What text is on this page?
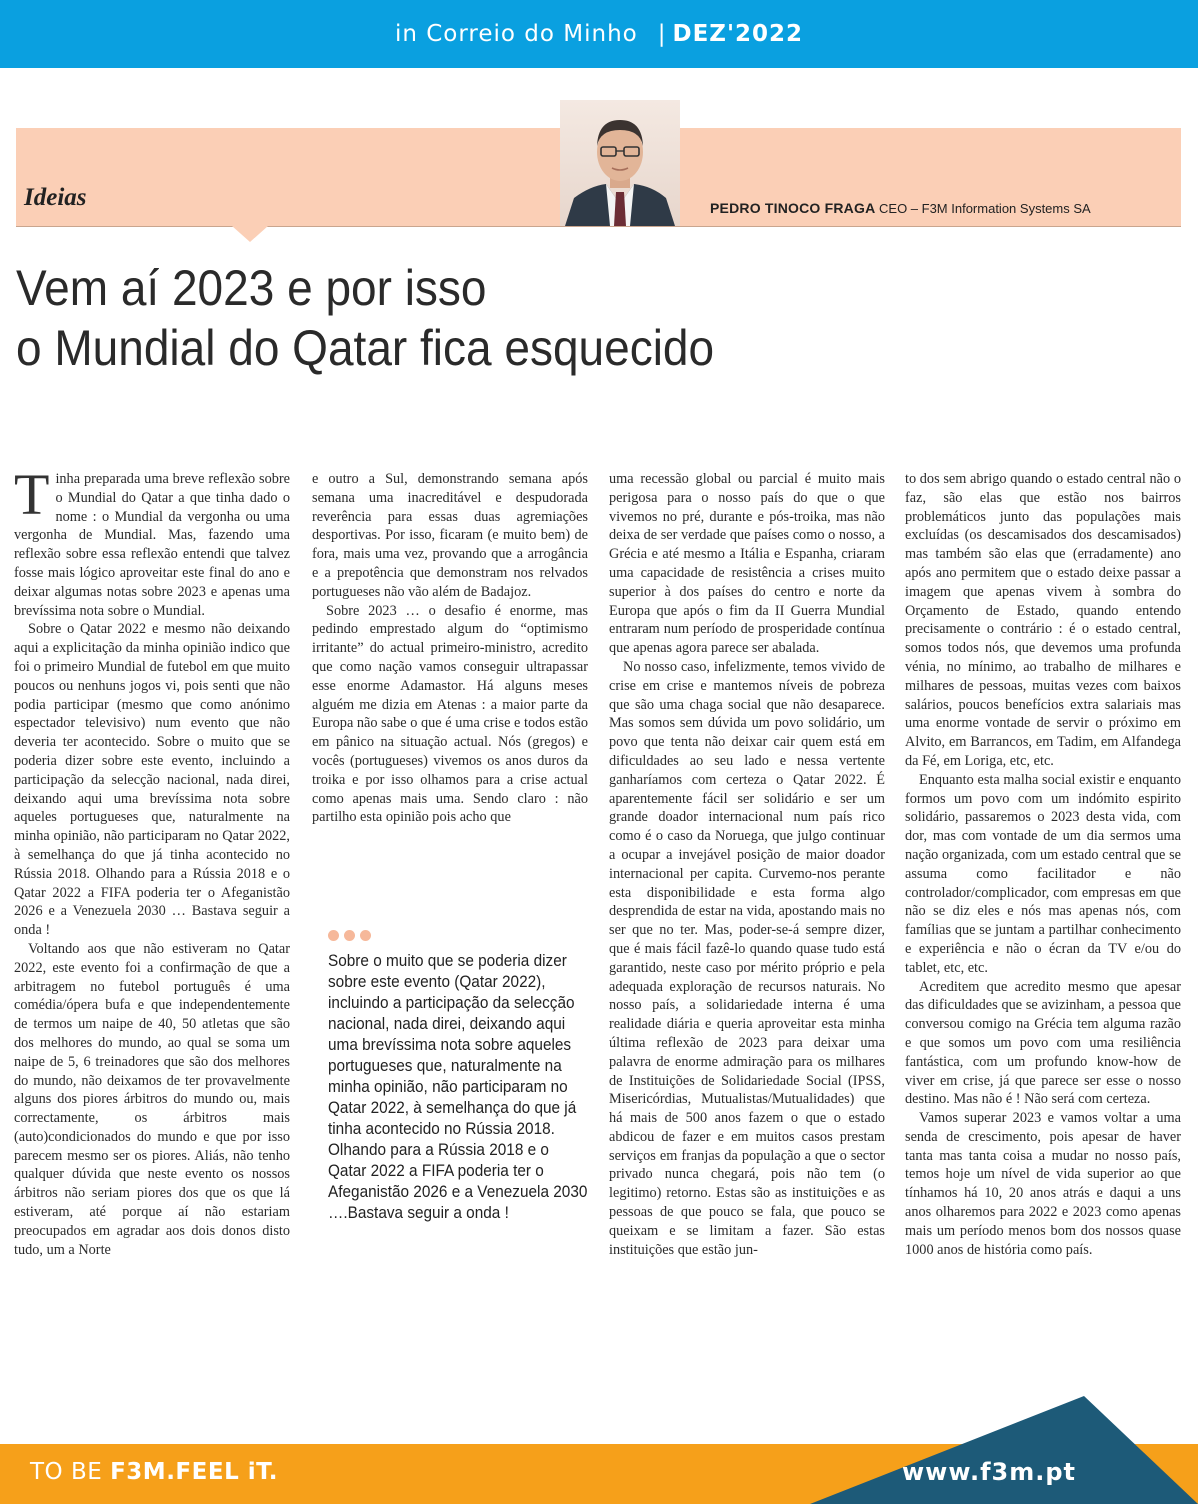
in Correio do Minho | DEZ'2022
Ideias	PEDRO TINOCO FRAGA CEO – F3M Information Systems SA
Vem aí 2023 e por isso
o Mundial do Qatar fica esquecido

Tinha preparada uma breve reflexão sobre o Mundial do Qatar a que tinha dado o nome : o Mundial da vergonha ou uma vergonha de Mundial. Mas, fazendo uma reflexão sobre essa reflexão entendi que talvez fosse mais lógico aproveitar este final do ano e deixar algumas notas sobre 2023 e apenas uma brevíssima nota sobre o Mundial.

Sobre o Qatar 2022 e mesmo não deixando aqui a explicitação da minha opinião indico que foi o primeiro Mundial de futebol em que muito poucos ou nenhuns jogos vi, pois senti que não podia participar (mesmo que como anónimo espectador televisivo) num evento que não deveria ter acontecido. Sobre o muito que se poderia dizer sobre este evento, incluindo a participação da selecção nacional, nada direi, deixando aqui uma brevíssima nota sobre aqueles portugueses que, naturalmente na minha opinião, não participaram no Qatar 2022, à semelhança do que já tinha acontecido no Rússia 2018. Olhando para a Rússia 2018 e o Qatar 2022 a FIFA poderia ter o Afeganistão 2026 e a Venezuela 2030 … Bastava seguir a onda !

Voltando aos que não estiveram no Qatar 2022, este evento foi a confirmação de que a arbitragem no futebol português é uma comédia/ópera bufa e que independentemente de termos um naipe de 40, 50 atletas que são dos melhores do mundo, ao qual se soma um naipe de 5, 6 treinadores que são dos melhores do mundo, não deixamos de ter provavelmente alguns dos piores árbitros do mundo ou, mais correctamente, os árbitros mais (auto)condicionados do mundo e que por isso parecem mesmo ser os piores. Aliás, não tenho qualquer dúvida que neste evento os nossos árbitros não seriam piores dos que os que lá estiveram, até porque aí não estariam preocupados em agradar aos dois donos disto tudo, um a Norte

e outro a Sul, demonstrando semana após semana uma inacreditável e despudorada reverência para essas duas agremiações desportivas. Por isso, ficaram (e muito bem) de fora, mais uma vez, provando que a arrogância e a prepotência que demonstram nos relvados portugueses não vão além de Badajoz.

Sobre 2023 … o desafio é enorme, mas pedindo emprestado algum do “optimismo irritante” do actual primeiro-ministro, acredito que como nação vamos conseguir ultrapassar esse enorme Adamastor. Há alguns meses alguém me dizia em Atenas : a maior parte da Europa não sabe o que é uma crise e todos estão em pânico na situação actual. Nós (gregos) e vocês (portugueses) vivemos os anos duros da troika e por isso olhamos para a crise actual como apenas mais uma. Sendo claro : não partilho esta opinião pois acho que

Sobre o muito que se poderia dizer sobre este evento (Qatar 2022), incluindo a participação da selecção nacional, nada direi, deixando aqui uma brevíssima nota sobre aqueles portugueses que, naturalmente na minha opinião, não participaram no Qatar 2022, à semelhança do que já tinha acontecido no Rússia 2018. Olhando para a Rússia 2018 e o Qatar 2022 a FIFA poderia ter o Afeganistão 2026 e a Venezuela 2030 ….Bastava seguir a onda !

uma recessão global ou parcial é muito mais perigosa para o nosso país do que o que vivemos no pré, durante e pós-troika, mas não deixa de ser verdade que países como o nosso, a Grécia e até mesmo a Itália e Espanha, criaram uma capacidade de resistência a crises muito superior à dos países do centro e norte da Europa que após o fim da II Guerra Mundial entraram num período de prosperidade contínua que apenas agora parece ser abalada.

No nosso caso, infelizmente, temos vivido de crise em crise e mantemos níveis de pobreza que são uma chaga social que não desaparece. Mas somos sem dúvida um povo solidário, um povo que tenta não deixar cair quem está em dificuldades ao seu lado e nessa vertente ganharíamos com certeza o Qatar 2022. É aparentemente fácil ser solidário e ser um grande doador internacional num país rico como é o caso da Noruega, que julgo continuar a ocupar a invejável posição de maior doador internacional per capita. Curvemo-nos perante esta disponibilidade e esta forma algo desprendida de estar na vida, apostando mais no ser que no ter. Mas, poder-se-á sempre dizer, que é mais fácil fazê-lo quando quase tudo está garantido, neste caso por mérito próprio e pela adequada exploração de recursos naturais. No nosso país, a solidariedade interna é uma realidade diária e queria aproveitar esta minha última reflexão de 2023 para deixar uma palavra de enorme admiração para os milhares de Instituições de Solidariedade Social (IPSS, Misericórdias, Mutualistas/Mutualidades) que há mais de 500 anos fazem o que o estado abdicou de fazer e em muitos casos prestam serviços em franjas da população a que o sector privado nunca chegará, pois não tem (o legitimo) retorno. Estas são as instituições e as pessoas de que pouco se fala, que pouco se queixam e se limitam a fazer. São estas instituições que estão jun-

to dos sem abrigo quando o estado central não o faz, são elas que estão nos bairros problemáticos junto das populações mais excluídas (os descamisados dos descamisados) mas também são elas que (erradamente) ano após ano permitem que o estado deixe passar a imagem que apenas vivem à sombra do Orçamento de Estado, quando entendo precisamente o contrário : é o estado central, somos todos nós, que devemos uma profunda vénia, no mínimo, ao trabalho de milhares e milhares de pessoas, muitas vezes com baixos salários, poucos benefícios extra salariais mas uma enorme vontade de servir o próximo em Alvito, em Barrancos, em Tadim, em Alfandega da Fé, em Loriga, etc, etc.

Enquanto esta malha social existir e enquanto formos um povo com um indómito espirito solidário, passaremos o 2023 desta vida, com dor, mas com vontade de um dia sermos uma nação organizada, com um estado central que se assuma como facilitador e não controlador/complicador, com empresas em que não se diz eles e nós mas apenas nós, com famílias que se juntam a partilhar conhecimento e experiência e não o écran da TV e/ou do tablet, etc, etc.

Acreditem que acredito mesmo que apesar das dificuldades que se avizinham, a pessoa que conversou comigo na Grécia tem alguma razão e que somos um povo com uma resiliência fantástica, com um profundo know-how de viver em crise, já que parece ser esse o nosso destino. Mas não é ! Não será com certeza.

Vamos superar 2023 e vamos voltar a uma senda de crescimento, pois apesar de haver tanta mas tanta coisa a mudar no nosso país, temos hoje um nível de vida superior ao que tínhamos há 10, 20 anos atrás e daqui a uns anos olharemos para 2022 e 2023 como apenas mais um período menos bom dos nossos quase 1000 anos de história como país.

TO BE F3M.FEEL iT.	www.f3m.pt
